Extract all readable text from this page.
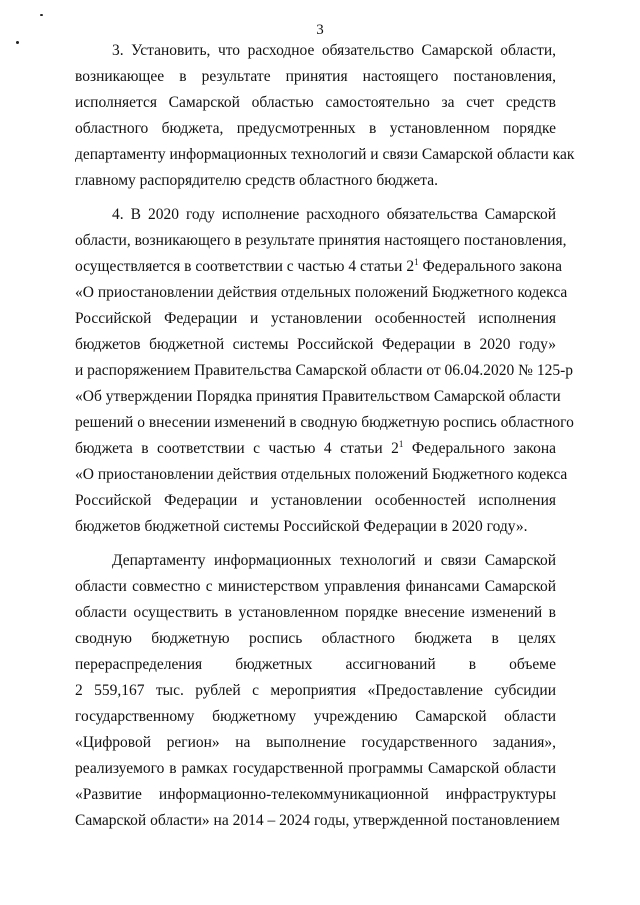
3
3. Установить, что расходное обязательство Самарской области,
возникающее в результате принятия настоящего постановления,
исполняется Самарской областью самостоятельно за счет средств
областного бюджета, предусмотренных в установленном порядке
департаменту информационных технологий и связи Самарской области как
главному распорядителю средств областного бюджета.
4. В 2020 году исполнение расходного обязательства Самарской
области, возникающего в результате принятия настоящего постановления,
осуществляется в соответствии с частью 4 статьи $2^1$ Федерального закона
«О приостановлении действия отдельных положений Бюджетного кодекса
Российской Федерации и установлении особенностей исполнения
бюджетов бюджетной системы Российской Федерации в 2020 году»
и распоряжением Правительства Самарской области от 06.04.2020 № 125-р
«Об утверждении Порядка принятия Правительством Самарской области
решений о внесении изменений в сводную бюджетную роспись областного
бюджета в соответствии с частью 4 статьи $2^1$ Федерального закона
«О приостановлении действия отдельных положений Бюджетного кодекса
Российской Федерации и установлении особенностей исполнения
бюджетов бюджетной системы Российской Федерации в 2020 году».
Департаменту информационных технологий и связи Самарской
области совместно с министерством управления финансами Самарской
области осуществить в установленном порядке внесение изменений в
сводную бюджетную роспись областного бюджета в целях
перераспределения бюджетных ассигнований в объеме
2 559,167 тыс. рублей с мероприятия «Предоставление субсидии
государственному бюджетному учреждению Самарской области
«Цифровой регион» на выполнение государственного задания»,
реализуемого в рамках государственной программы Самарской области
«Развитие информационно-телекоммуникационной инфраструктуры
Самарской области» на 2014 – 2024 годы, утвержденной постановлением
